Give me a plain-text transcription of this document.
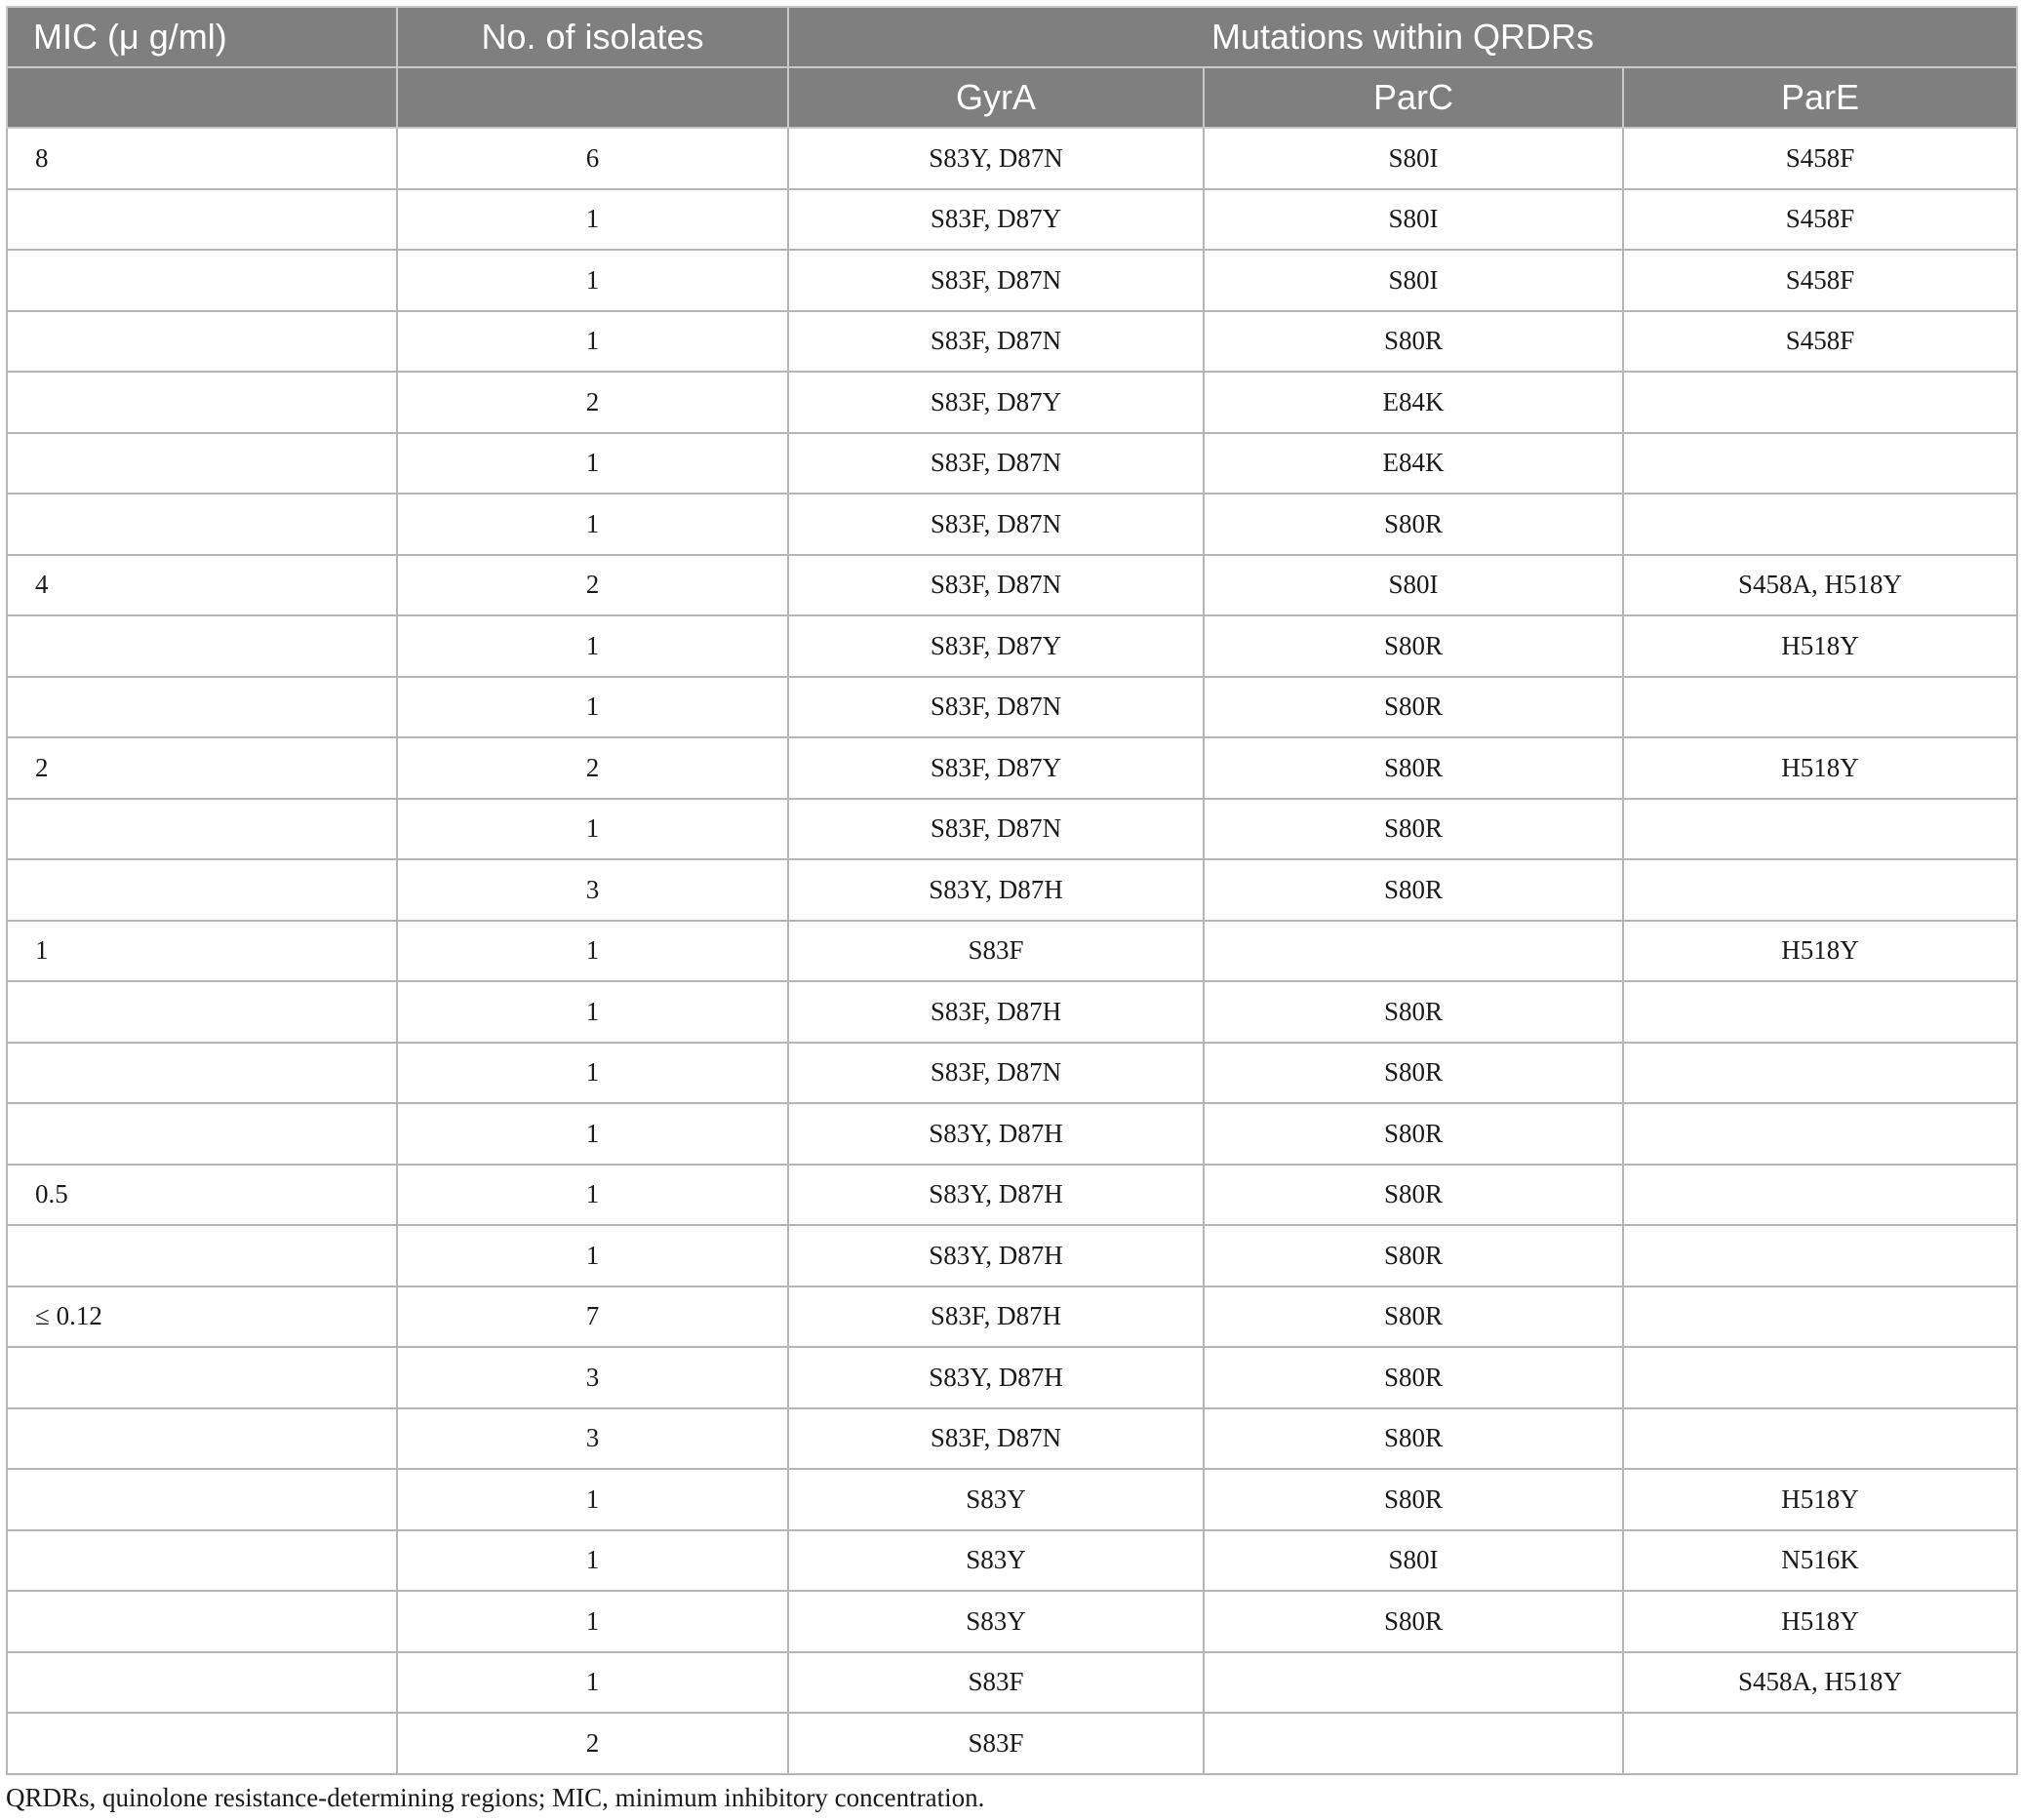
MIC (μ g/ml)	No. of isolates	Mutations within QRDRs		
		GyrA	ParC	ParE
8	6	S83Y, D87N	S80I	S458F
	1	S83F, D87Y	S80I	S458F
	1	S83F, D87N	S80I	S458F
	1	S83F, D87N	S80R	S458F
	2	S83F, D87Y	E84K	
	1	S83F, D87N	E84K	
	1	S83F, D87N	S80R	
4	2	S83F, D87N	S80I	S458A, H518Y
	1	S83F, D87Y	S80R	H518Y
	1	S83F, D87N	S80R	
2	2	S83F, D87Y	S80R	H518Y
	1	S83F, D87N	S80R	
	3	S83Y, D87H	S80R	
1	1	S83F		H518Y
	1	S83F, D87H	S80R	
	1	S83F, D87N	S80R	
	1	S83Y, D87H	S80R	
0.5	1	S83Y, D87H	S80R	
	1	S83Y, D87H	S80R	
≤ 0.12	7	S83F, D87H	S80R	
	3	S83Y, D87H	S80R	
	3	S83F, D87N	S80R	
	1	S83Y	S80R	H518Y
	1	S83Y	S80I	N516K
	1	S83Y	S80R	H518Y
	1	S83F		S458A, H518Y
	2	S83F		
QRDRs, quinolone resistance-determining regions; MIC, minimum inhibitory concentration.
